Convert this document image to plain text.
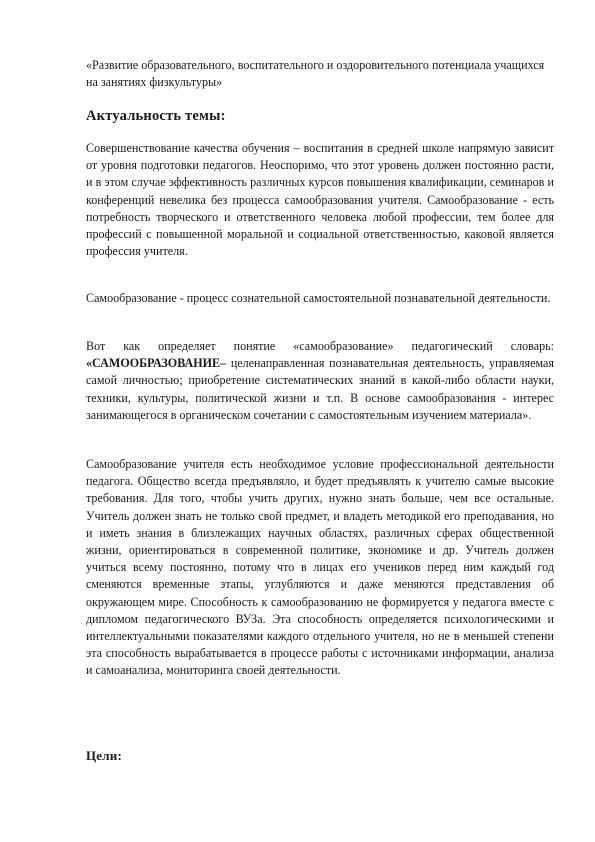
«Развитие образовательного, воспитательного и оздоровительного потенциала учащихся на занятиях физкультуры»

Актуальность темы:

Совершенствование качества обучения – воспитания в средней школе напрямую зависит от уровня подготовки педагогов. Неоспоримо, что этот уровень должен постоянно расти, и в этом случае эффективность различных курсов повышения квалификации, семинаров и конференций невелика без процесса самообразования учителя. Самообразование - есть потребность творческого и ответственного человека любой профессии, тем более для профессий с повышенной моральной и социальной ответственностью, каковой является профессия учителя.

Самообразование - процесс сознательной самостоятельной познавательной деятельности.

Вот как определяет понятие «самообразование» педагогический словарь: «САМООБРАЗОВАНИЕ– целенаправленная познавательная деятельность, управляемая самой личностью; приобретение систематических знаний в какой-либо области науки, техники, культуры, политической жизни и т.п. В основе самообразования - интерес занимающегося в органическом сочетании с самостоятельным изучением материала».

Самообразование учителя есть необходимое условие профессиональной деятельности педагога. Общество всегда предъявляло, и будет предъявлять к учителю самые высокие требования. Для того, чтобы учить других, нужно знать больше, чем все остальные. Учитель должен знать не только свой предмет, и владеть методикой его преподавания, но и иметь знания в близлежащих научных областях, различных сферах общественной жизни, ориентироваться в современной политике, экономике и др. Учитель должен учиться всему постоянно, потому что в лицах его учеников перед ним каждый год сменяются временные этапы, углубляются и даже меняются представления об окружающем мире. Способность к самообразованию не формируется у педагога вместе с дипломом педагогического ВУЗа. Эта способность определяется психологическими и интеллектуальными показателями каждого отдельного учителя, но не в меньшей степени эта способность вырабатывается в процессе работы с источниками информации, анализа и самоанализа, мониторинга своей деятельности.

Цели:
